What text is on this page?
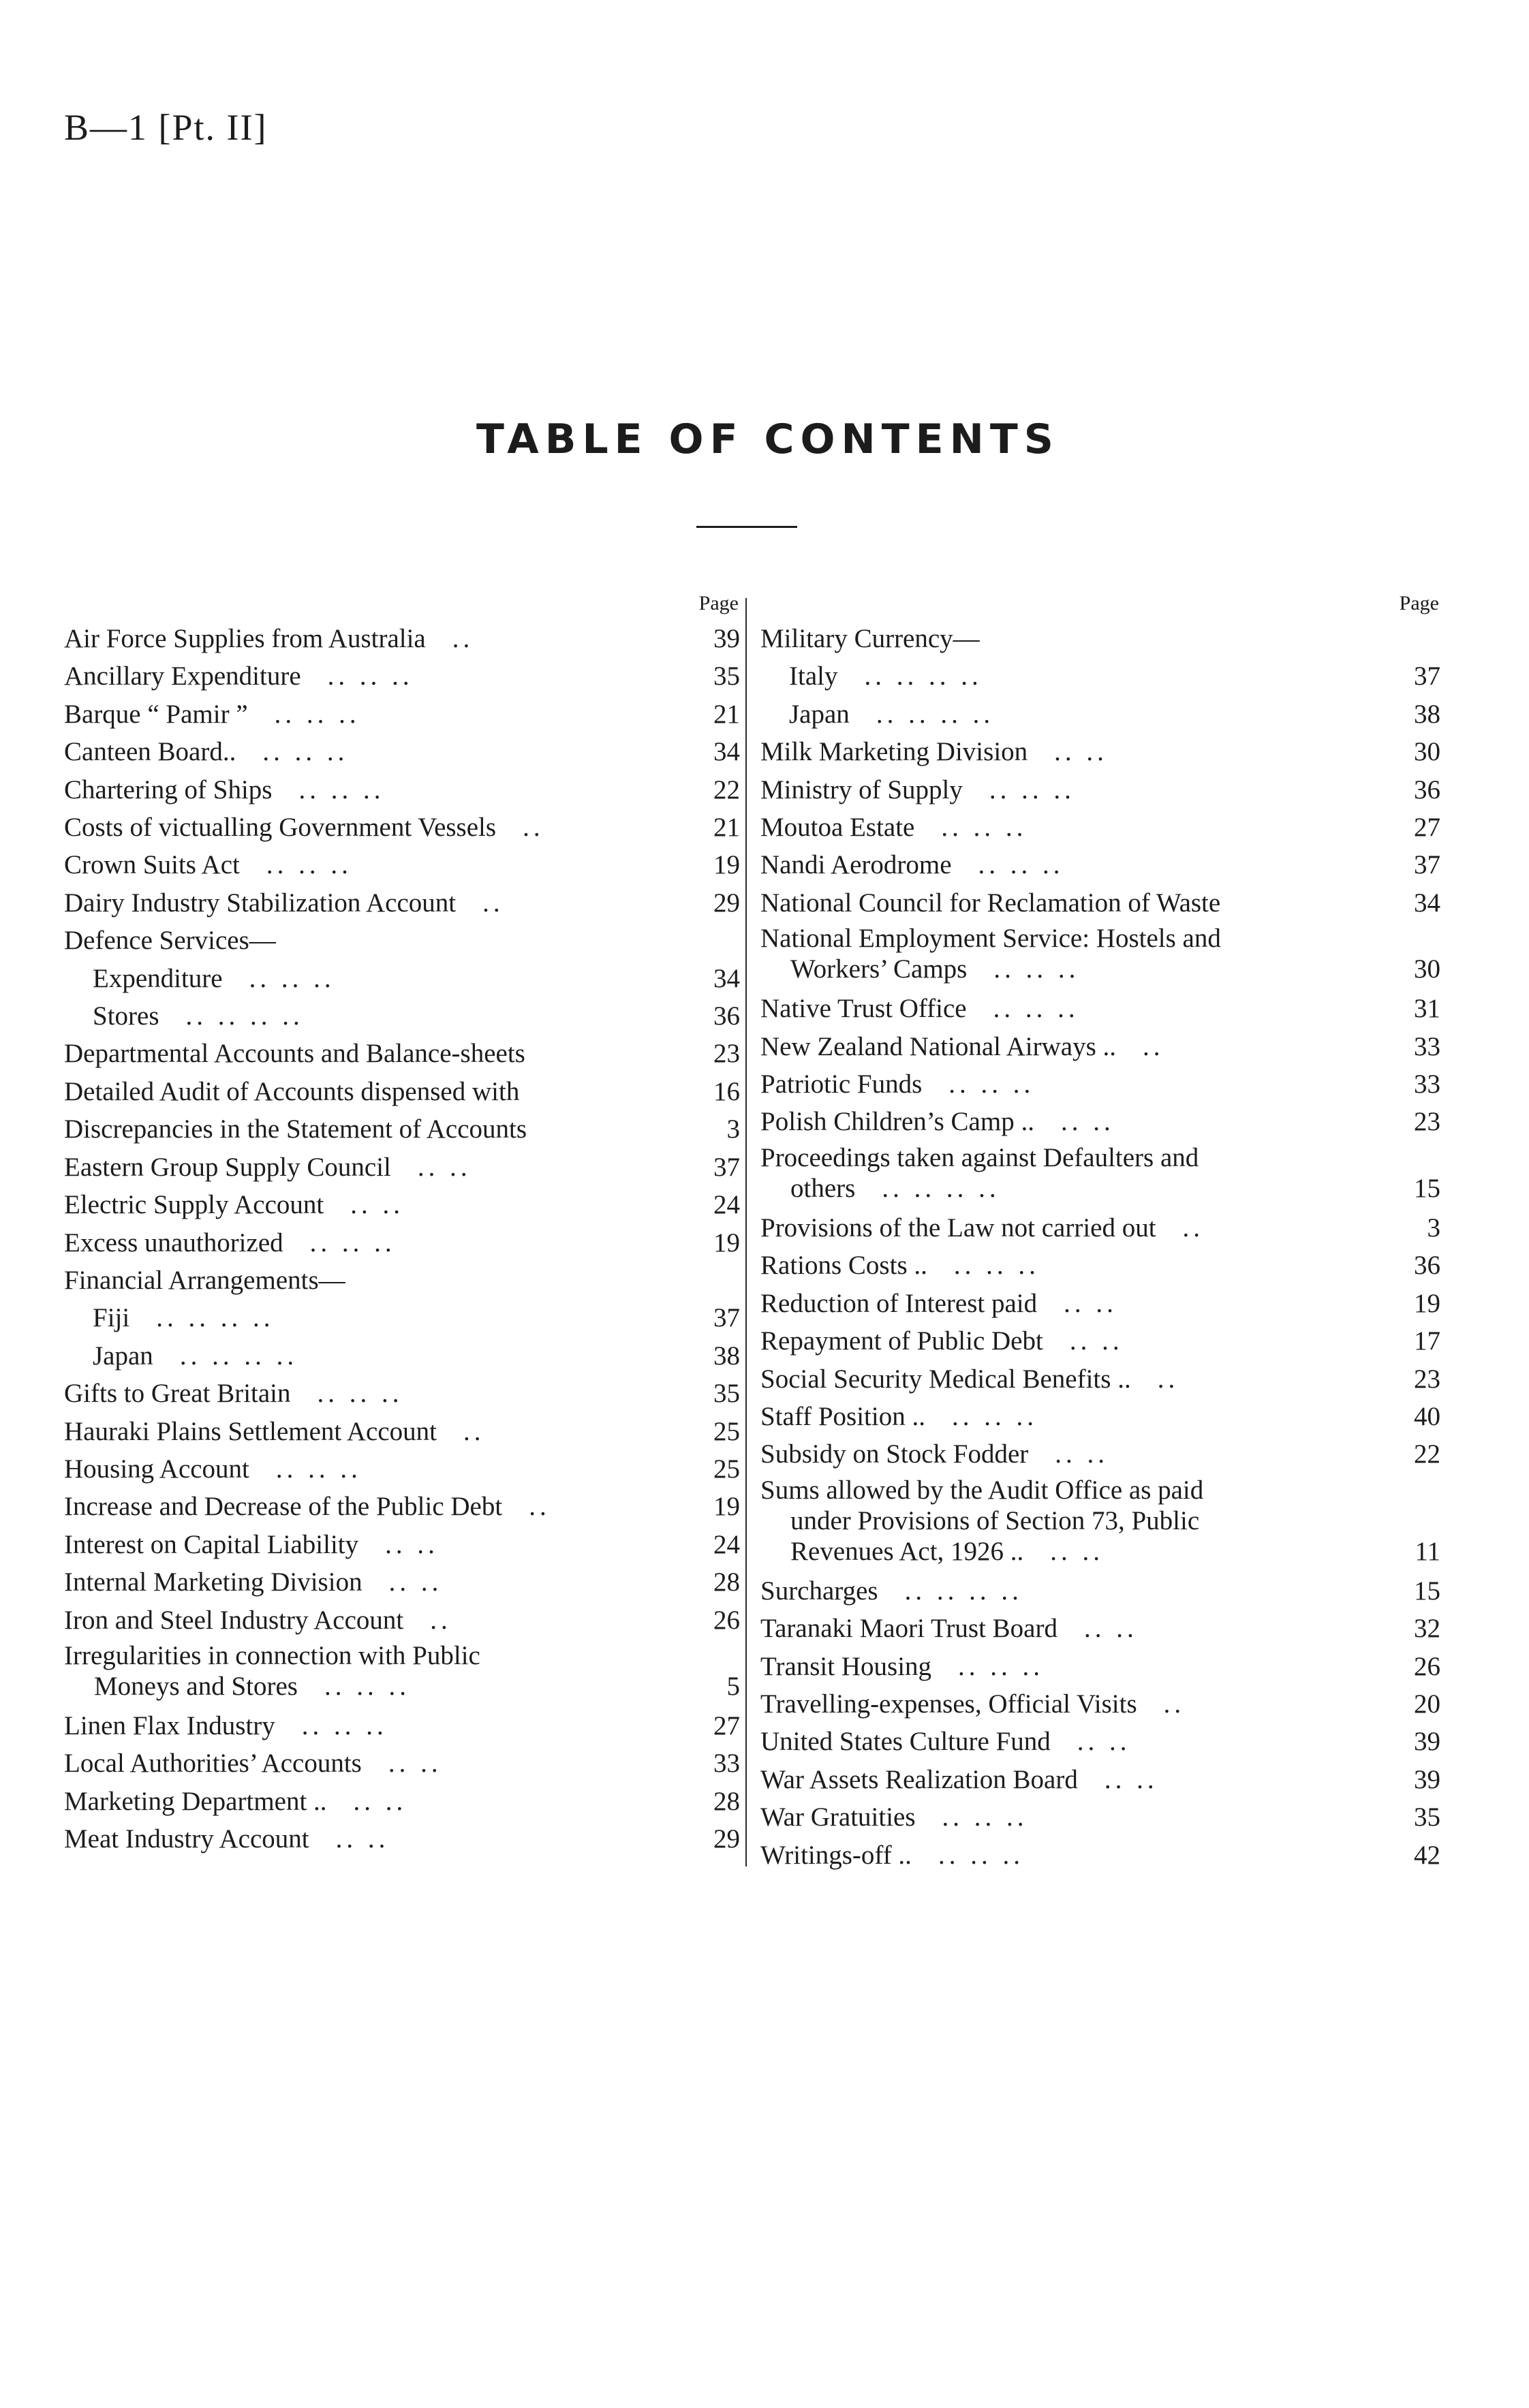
B—1 [Pt. II]
TABLE OF CONTENTS
Page
Air Force Supplies from Australia  ..	39
Ancillary Expenditure  .. .. ..	35
Barque “ Pamir ”  .. .. ..	21
Canteen Board..  .. .. ..	34
Chartering of Ships  .. .. ..	22
Costs of victualling Government Vessels  ..	21
Crown Suits Act  .. .. ..	19
Dairy Industry Stabilization Account  ..	29
Defence Services—
Expenditure  .. .. ..	34
Stores  .. .. .. ..	36
Departmental Accounts and Balance-sheets	23
Detailed Audit of Accounts dispensed with	16
Discrepancies in the Statement of Accounts	3
Eastern Group Supply Council  .. ..	37
Electric Supply Account  .. ..	24
Excess unauthorized  .. .. ..	19
Financial Arrangements—
Fiji  .. .. .. ..	37
Japan  .. .. .. ..	38
Gifts to Great Britain  .. .. ..	35
Hauraki Plains Settlement Account  ..	25
Housing Account  .. .. ..	25
Increase and Decrease of the Public Debt  ..	19
Interest on Capital Liability  .. ..	24
Internal Marketing Division  .. ..	28
Iron and Steel Industry Account  ..	26
Irregularities in connection with Public
Moneys and Stores  .. .. ..	5
Linen Flax Industry  .. .. ..	27
Local Authorities’ Accounts  .. ..	33
Marketing Department ..  .. ..	28
Meat Industry Account  .. ..	29
Page
Military Currency—
Italy  .. .. .. ..	37
Japan  .. .. .. ..	38
Milk Marketing Division  .. ..	30
Ministry of Supply  .. .. ..	36
Moutoa Estate  .. .. ..	27
Nandi Aerodrome  .. .. ..	37
National Council for Reclamation of Waste	34
National Employment Service: Hostels and
Workers’ Camps  .. .. ..	30
Native Trust Office  .. .. ..	31
New Zealand National Airways ..  ..	33
Patriotic Funds  .. .. ..	33
Polish Children’s Camp ..  .. ..	23
Proceedings taken against Defaulters and
others  .. .. .. ..	15
Provisions of the Law not carried out  ..	3
Rations Costs ..  .. .. ..	36
Reduction of Interest paid  .. ..	19
Repayment of Public Debt  .. ..	17
Social Security Medical Benefits ..  ..	23
Staff Position ..  .. .. ..	40
Subsidy on Stock Fodder  .. ..	22
Sums allowed by the Audit Office as paid
under Provisions of Section 73, Public
Revenues Act, 1926 ..  .. ..	11
Surcharges  .. .. .. ..	15
Taranaki Maori Trust Board  .. ..	32
Transit Housing  .. .. ..	26
Travelling-expenses, Official Visits  ..	20
United States Culture Fund  .. ..	39
War Assets Realization Board  .. ..	39
War Gratuities  .. .. ..	35
Writings-off ..  .. .. ..	42
